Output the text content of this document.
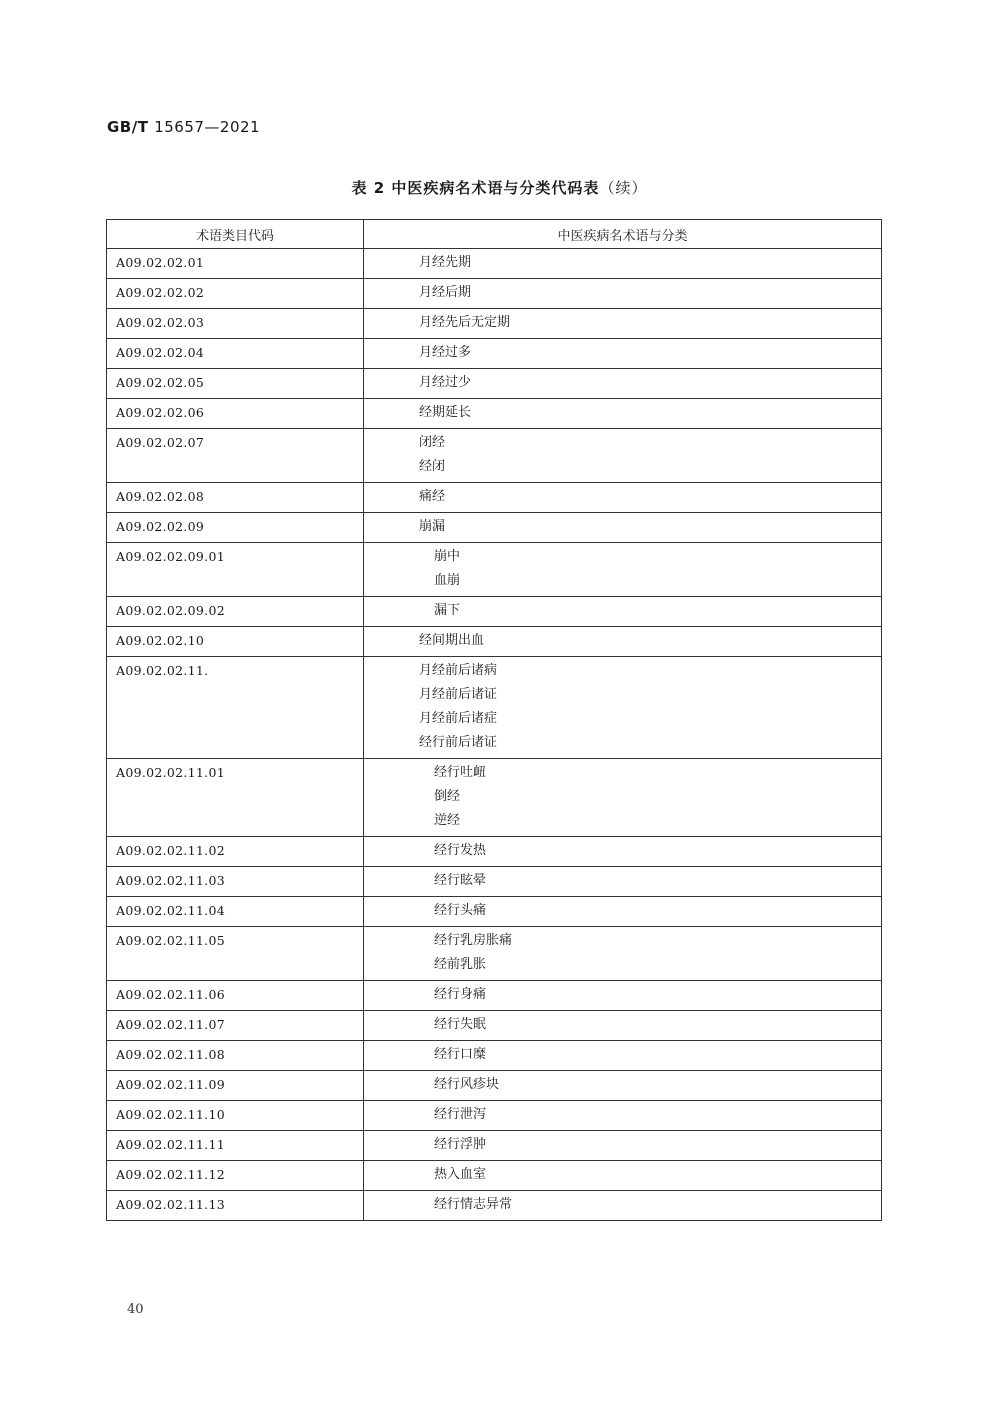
GB/T 15657—2021
表 2 中医疾病名术语与分类代码表（续）
术语类目代码	中医疾病名术语与分类
A09.02.02.01	月经先期

A09.02.02.02	月经后期

A09.02.02.03	月经先后无定期

A09.02.02.04	月经过多

A09.02.02.05	月经过少

A09.02.02.06	经期延长

A09.02.02.07	闭经
经闭

A09.02.02.08	痛经

A09.02.02.09	崩漏

A09.02.02.09.01	崩中
血崩

A09.02.02.09.02	漏下

A09.02.02.10	经间期出血

A09.02.02.11.	月经前后诸病
月经前后诸证
月经前后诸症
经行前后诸证

A09.02.02.11.01	经行吐衄
倒经
逆经

A09.02.02.11.02	经行发热

A09.02.02.11.03	经行眩晕

A09.02.02.11.04	经行头痛

A09.02.02.11.05	经行乳房胀痛
经前乳胀

A09.02.02.11.06	经行身痛

A09.02.02.11.07	经行失眠

A09.02.02.11.08	经行口糜

A09.02.02.11.09	经行风疹块

A09.02.02.11.10	经行泄泻

A09.02.02.11.11	经行浮肿

A09.02.02.11.12	热入血室

A09.02.02.11.13	经行情志异常
40
